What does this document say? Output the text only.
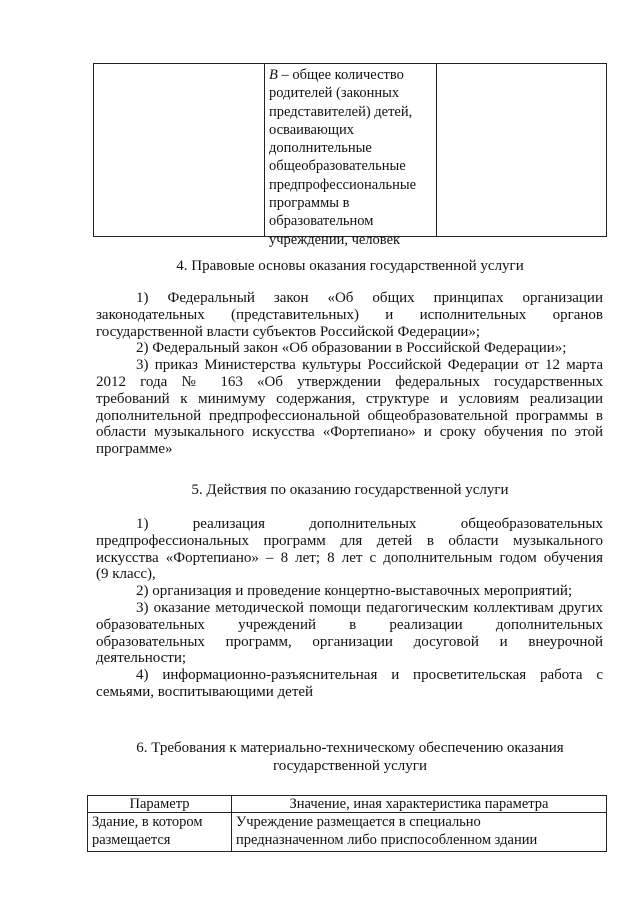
В – общее количество
родителей (законных
представителей) детей,
осваивающих
дополнительные
общеобразовательные
предпрофессиональные
программы в
образовательном
учреждении, человек
4. Правовые основы оказания государственной услуги
1) Федеральный закон «Об общих принципах организации
законодательных (представительных) и исполнительных органов
государственной власти субъектов Российской Федерации»;
2) Федеральный закон «Об образовании в Российской Федерации»;
3) приказ Министерства культуры Российской Федерации от 12 марта
2012 года № 163 «Об утверждении федеральных государственных
требований к минимуму содержания, структуре и условиям реализации
дополнительной предпрофессиональной общеобразовательной программы в
области музыкального искусства «Фортепиано» и сроку обучения по этой
программе»
5. Действия по оказанию государственной услуги
1) реализация дополнительных общеобразовательных
предпрофессиональных программ для детей в области музыкального
искусства «Фортепиано» – 8 лет; 8 лет с дополнительным годом обучения
(9 класс),
2) организация и проведение концертно-выставочных мероприятий;
3) оказание методической помощи педагогическим коллективам других
образовательных учреждений в реализации дополнительных
образовательных программ, организации досуговой и внеурочной
деятельности;
4) информационно-разъяснительная и просветительская работа с
семьями, воспитывающими детей
6. Требования к материально-техническому обеспечению оказания
государственной услуги
Параметр	Значение, иная характеристика параметра
Здание, в котором
размещается
Учреждение размещается в специально
предназначенном либо приспособленном здании
